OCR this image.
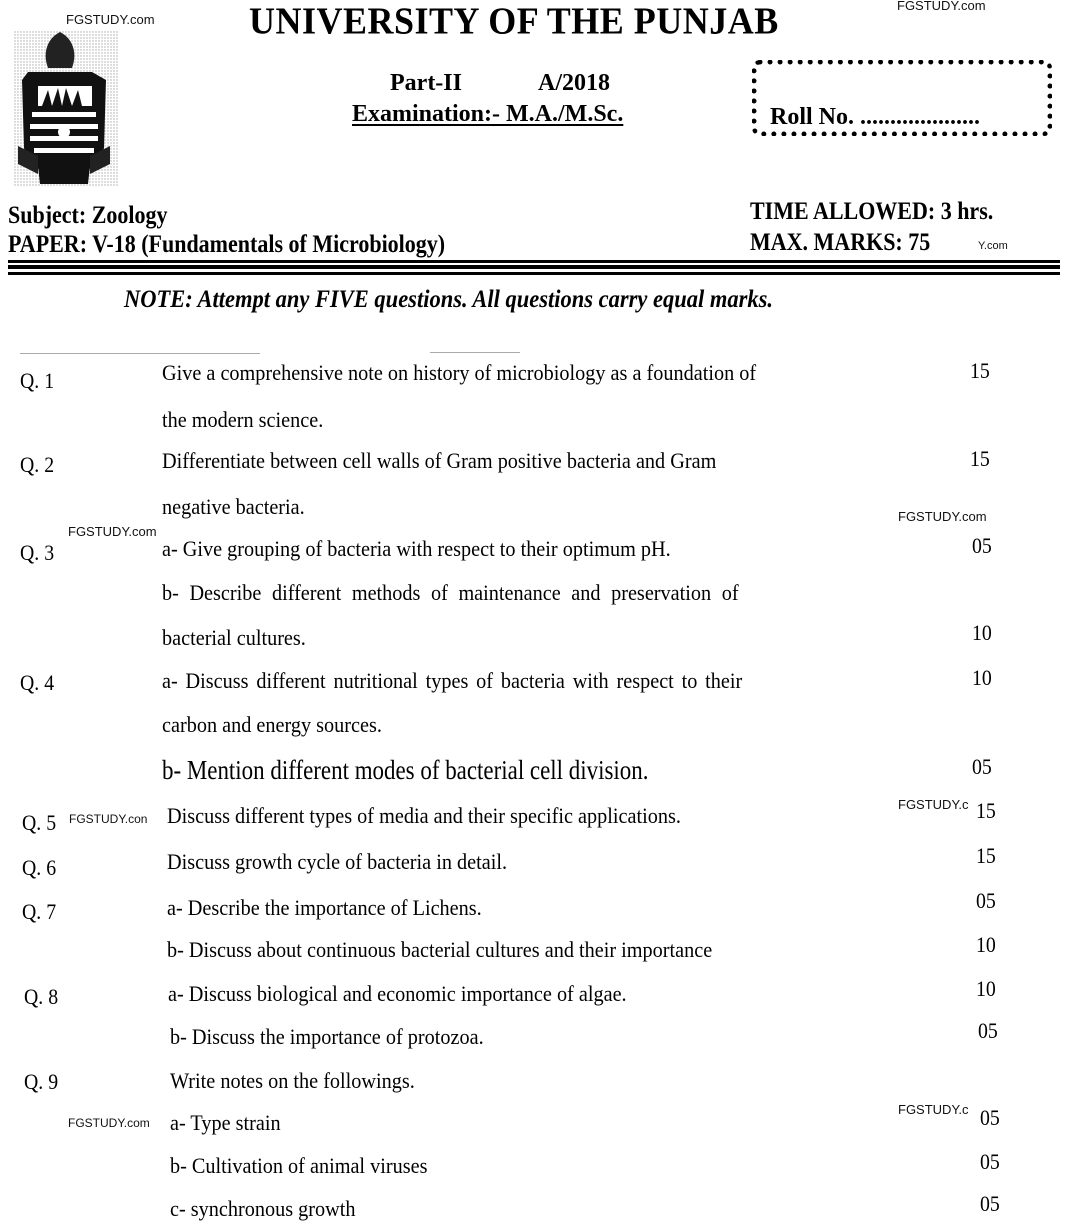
FGSTUDY.com
FGSTUDY.com
UNIVERSITY OF THE PUNJAB
Part-II	A/2018
Examination:- M.A./M.Sc.	Roll No. ....................
Subject: Zoology
PAPER: V-18 (Fundamentals of Microbiology)
TIME ALLOWED: 3 hrs.
MAX. MARKS: 75	Y.com
NOTE: Attempt any FIVE questions. All questions carry equal marks.
Q. 1	Give a comprehensive note on history of microbiology as a foundation of
the modern science.
15
Q. 2	Differentiate between cell walls of Gram positive bacteria and Gram
negative bacteria.
15
FGSTUDY.com
FGSTUDY.com
Q. 3	a- Give grouping of bacteria with respect to their optimum pH.	05
b- Describe different methods of maintenance and preservation of
bacterial cultures.	10
Q. 4	a- Discuss different nutritional types of bacteria with respect to their
carbon and energy sources.
10
b- Mention different modes of bacterial cell division.	05
Q. 5 FGSTUDY.con Discuss different types of media and their specific applications.	FGSTUDY.c 15
Q. 6	Discuss growth cycle of bacteria in detail.	15
Q. 7	a- Describe the importance of Lichens.	05
b- Discuss about continuous bacterial cultures and their importance	10
Q. 8	a- Discuss biological and economic importance of algae.	10
b- Discuss the importance of protozoa.	05
Q. 9	Write notes on the followings.
FGSTUDY.com a- Type strain
FGSTUDY.c 05
b- Cultivation of animal viruses	05
c- synchronous growth	05
